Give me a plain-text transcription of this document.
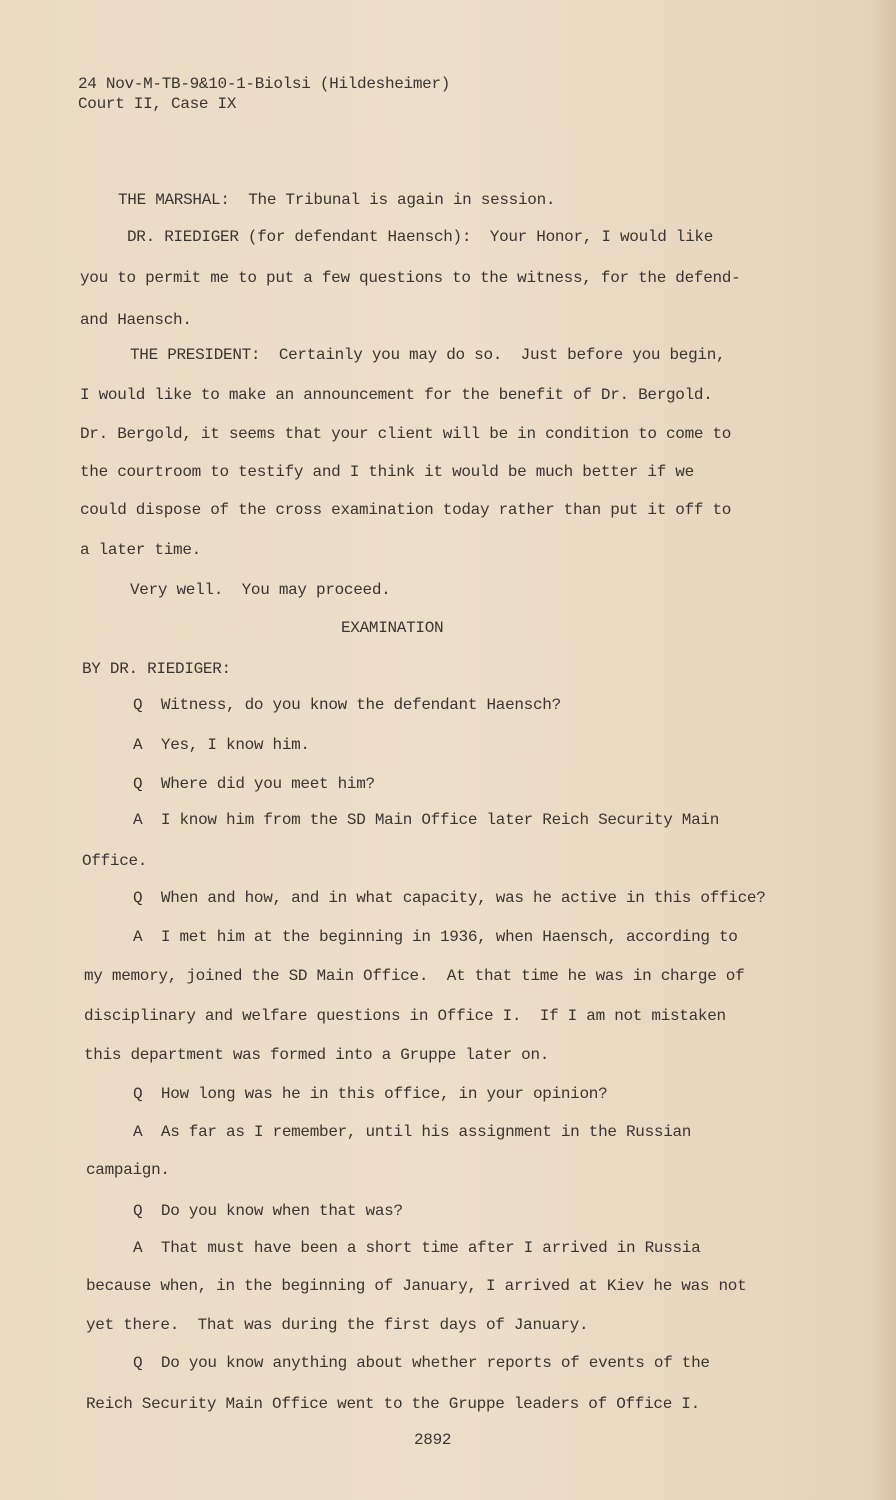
24 Nov-M-TB-9&10-1-Biolsi (Hildesheimer)
Court II, Case IX
THE MARSHAL:  The Tribunal is again in session.
DR. RIEDIGER (for defendant Haensch):  Your Honor, I would like
you to permit me to put a few questions to the witness, for the defend-
and Haensch.
THE PRESIDENT:  Certainly you may do so.  Just before you begin,
I would like to make an announcement for the benefit of Dr. Bergold.
Dr. Bergold, it seems that your client will be in condition to come to
the courtroom to testify and I think it would be much better if we
could dispose of the cross examination today rather than put it off to
a later time.
Very well.  You may proceed.
EXAMINATION
BY DR. RIEDIGER:
Q  Witness, do you know the defendant Haensch?
A  Yes, I know him.
Q  Where did you meet him?
A  I know him from the SD Main Office later Reich Security Main
Office.
Q  When and how, and in what capacity, was he active in this office?
A  I met him at the beginning in 1936, when Haensch, according to
my memory, joined the SD Main Office.  At that time he was in charge of
disciplinary and welfare questions in Office I.  If I am not mistaken
this department was formed into a Gruppe later on.
Q  How long was he in this office, in your opinion?
A  As far as I remember, until his assignment in the Russian
campaign.
Q  Do you know when that was?
A  That must have been a short time after I arrived in Russia
because when, in the beginning of January, I arrived at Kiev he was not
yet there.  That was during the first days of January.
Q  Do you know anything about whether reports of events of the
Reich Security Main Office went to the Gruppe leaders of Office I.
2892
